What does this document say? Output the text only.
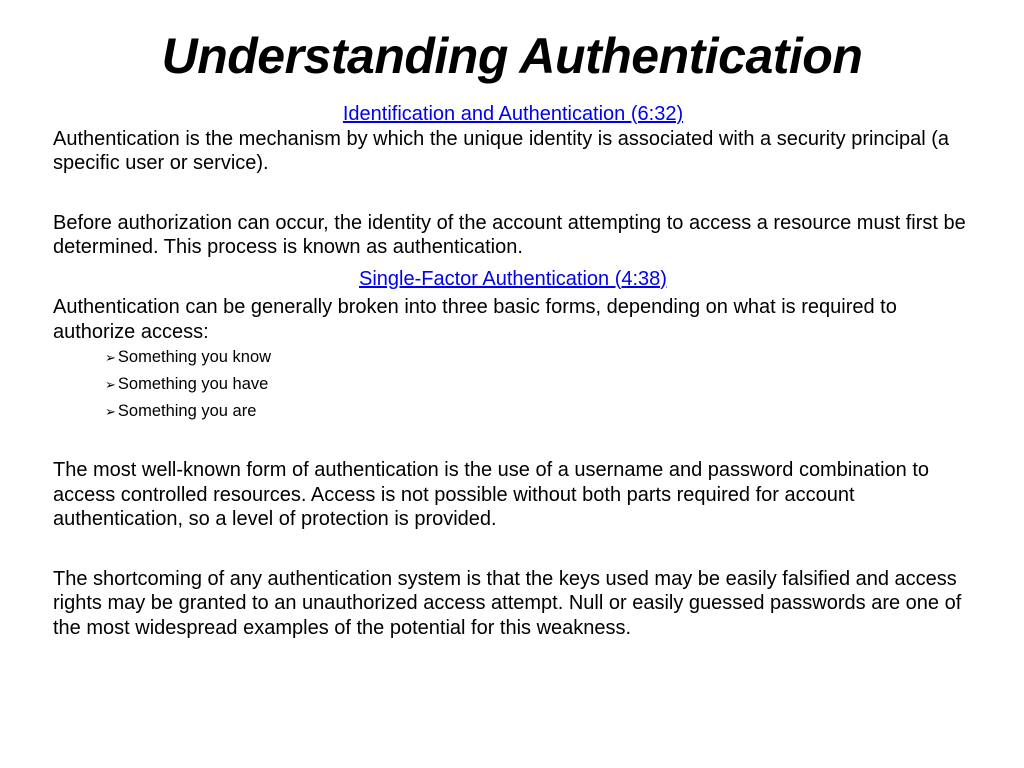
Understanding Authentication

Identification and Authentication (6:32)

Authentication is the mechanism by which the unique identity is associated with a security principal (a specific user or service).

Before authorization can occur, the identity of the account attempting to access a resource must first be determined. This process is known as authentication.

Single-Factor Authentication (4:38)

Authentication can be generally broken into three basic forms, depending on what is required to authorize access:

➢ Something you know
➢ Something you have
➢ Something you are

The most well-known form of authentication is the use of a username and password combination to access controlled resources. Access is not possible without both parts required for account authentication, so a level of protection is provided.

The shortcoming of any authentication system is that the keys used may be easily falsified and access rights may be granted to an unauthorized access attempt. Null or easily guessed passwords are one of the most widespread examples of the potential for this weakness.
